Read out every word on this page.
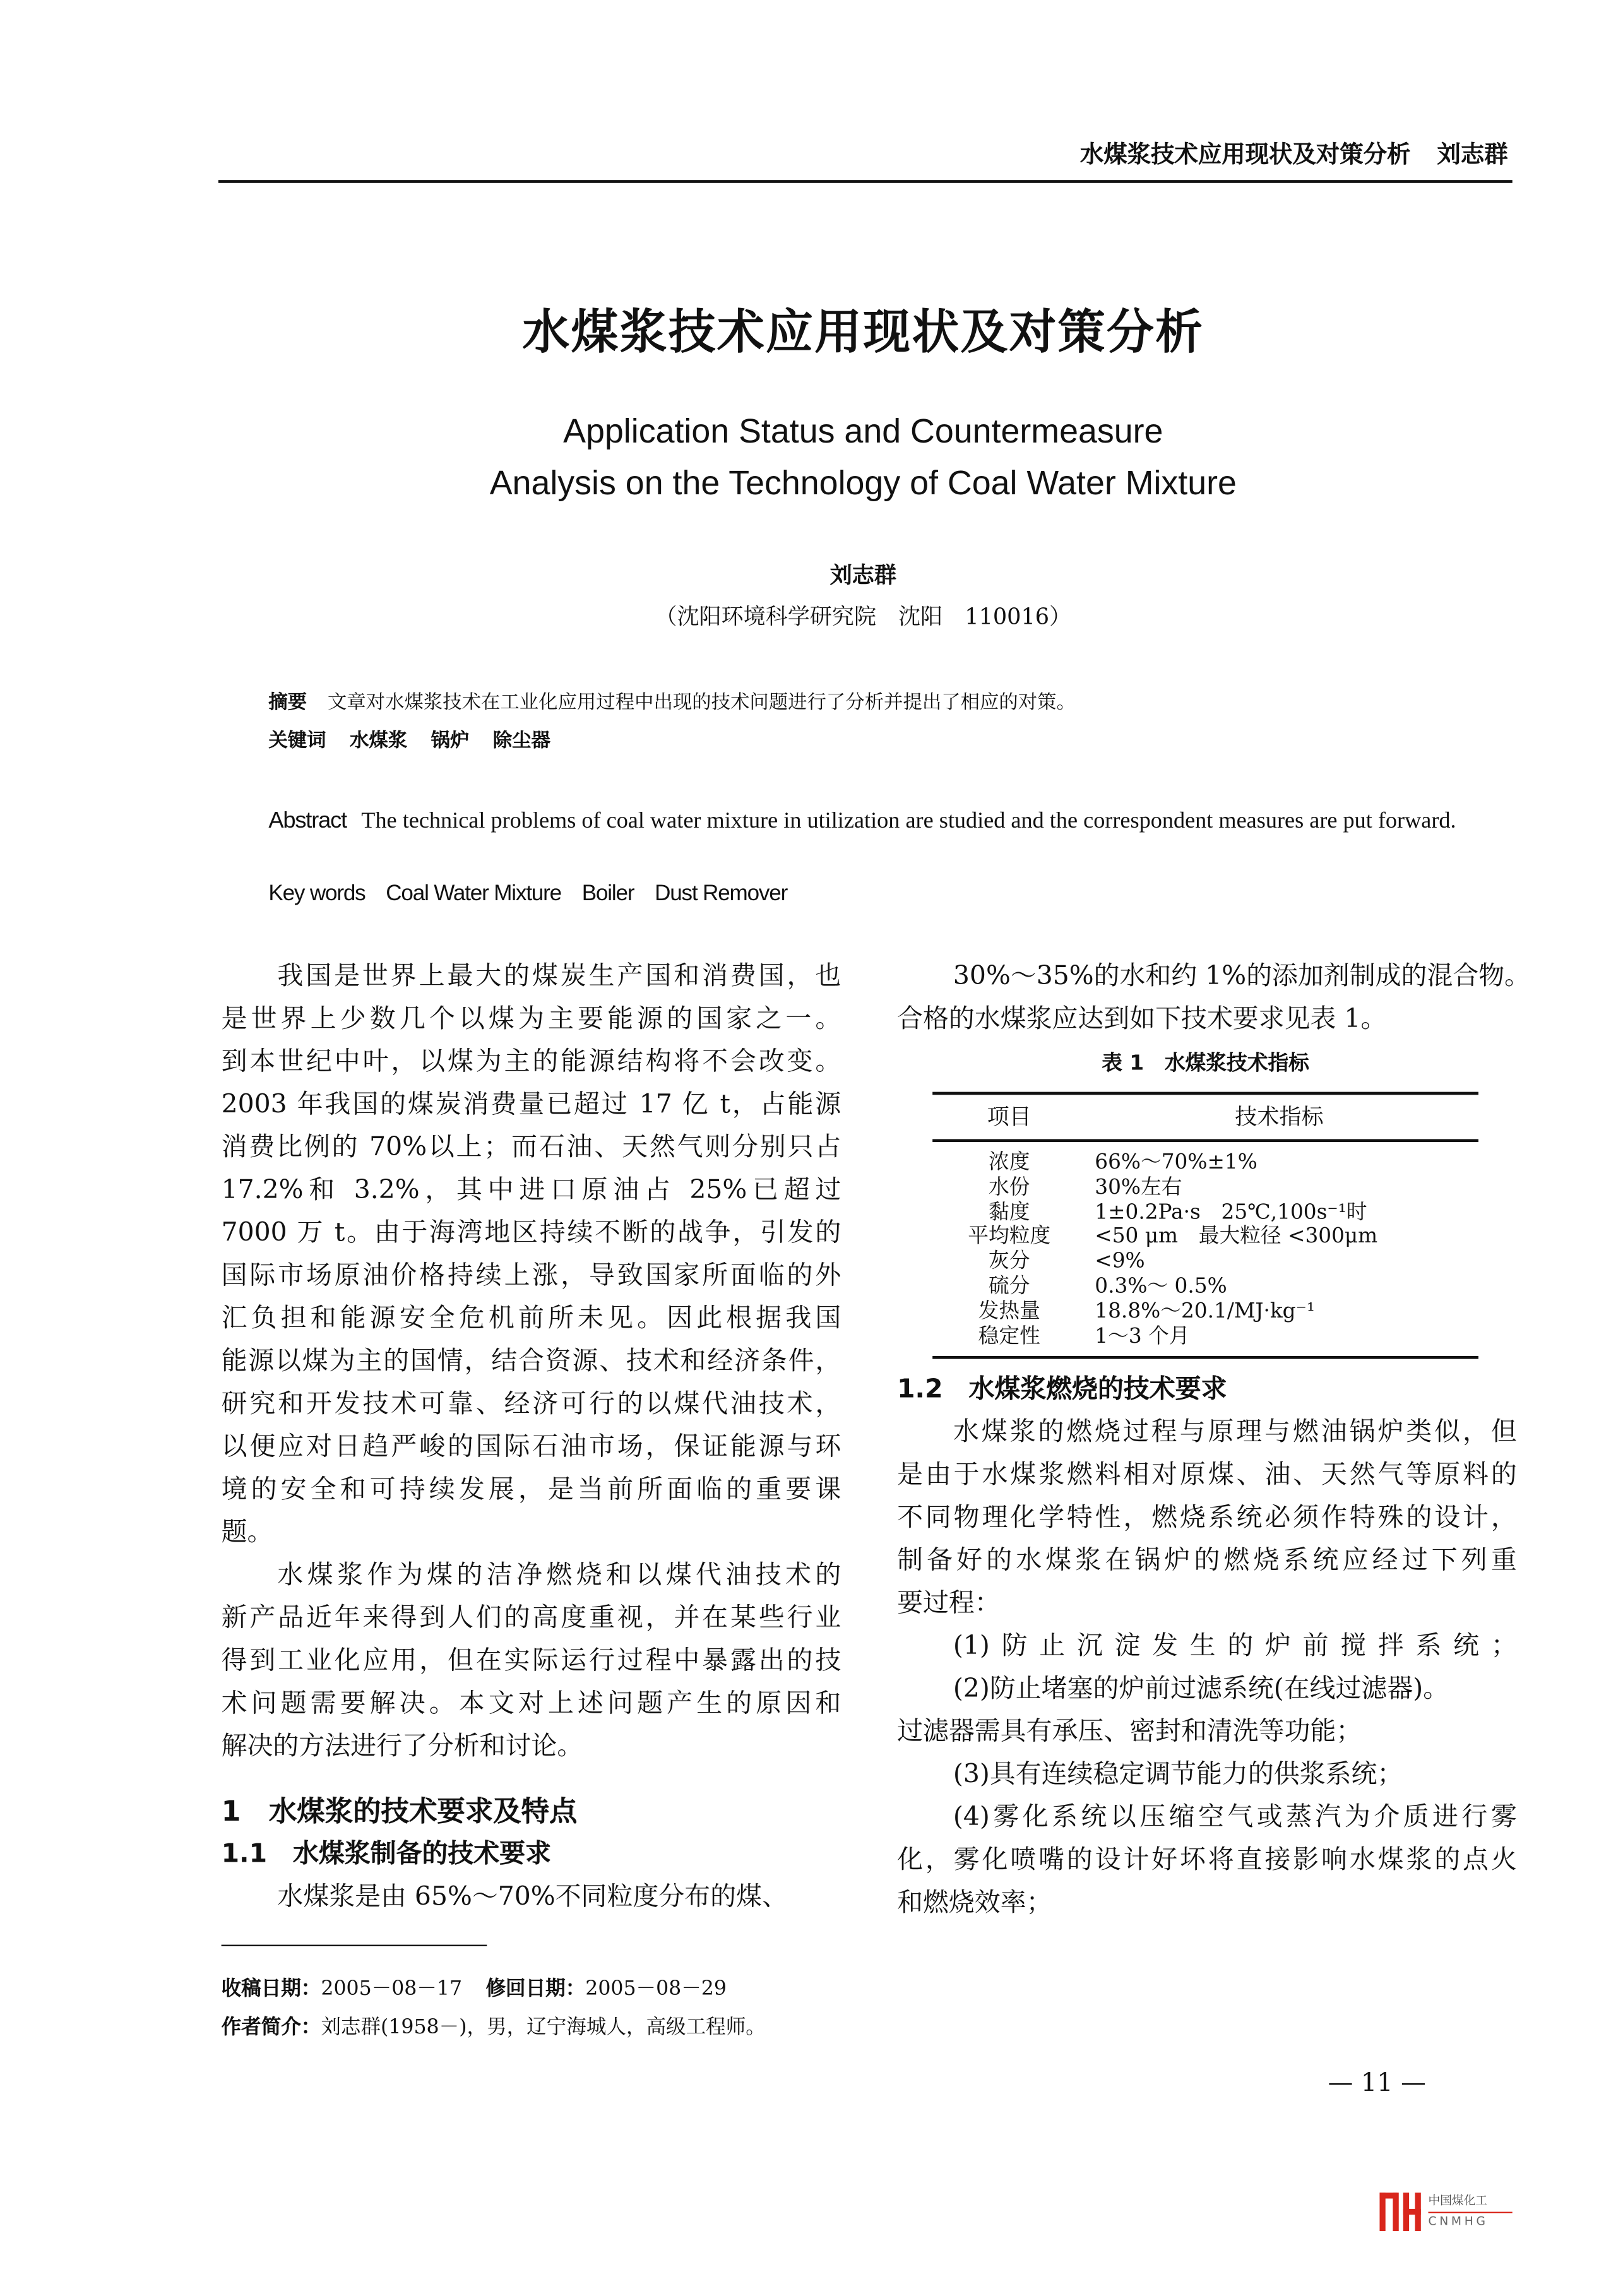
水煤浆技术应用现状及对策分析	刘志群
水煤浆技术应用现状及对策分析
Application Status and Countermeasure
Analysis on the Technology of Coal Water Mixture
刘志群
（沈阳环境科学研究院　沈阳　110016）
摘要	文章对水煤浆技术在工业化应用过程中出现的技术问题进行了分析并提出了相应的对策。
关键词	水煤浆	锅炉	除尘器
Abstract The technical problems of coal water mixture in utilization are studied and the correspondent measures are put forward.
Key words Coal Water Mixture Boiler Dust Remover
我国是世界上最大的煤炭生产国和消费国，也
是世界上少数几个以煤为主要能源的国家之一。
到本世纪中叶，以煤为主的能源结构将不会改变。
2003 年我国的煤炭消费量已超过 17 亿 t，占能源
消费比例的 70%以上；而石油、天然气则分别只占
17.2%和 3.2%，其中进口原油占 25%已超过
7000 万 t。由于海湾地区持续不断的战争，引发的
国际市场原油价格持续上涨，导致国家所面临的外
汇负担和能源安全危机前所未见。因此根据我国
能源以煤为主的国情，结合资源、技术和经济条件，
研究和开发技术可靠、经济可行的以煤代油技术，
以便应对日趋严峻的国际石油市场，保证能源与环
境的安全和可持续发展，是当前所面临的重要课
题。
水煤浆作为煤的洁净燃烧和以煤代油技术的
新产品近年来得到人们的高度重视，并在某些行业
得到工业化应用，但在实际运行过程中暴露出的技
术问题需要解决。本文对上述问题产生的原因和
解决的方法进行了分析和讨论。
1　水煤浆的技术要求及特点
1.1　水煤浆制备的技术要求
水煤浆是由 65%～70%不同粒度分布的煤、
30%～35%的水和约 1%的添加剂制成的混合物。
合格的水煤浆应达到如下技术要求见表 1。
1.2　水煤浆燃烧的技术要求
水煤浆的燃烧过程与原理与燃油锅炉类似，但
是由于水煤浆燃料相对原煤、油、天然气等原料的
不同物理化学特性，燃烧系统必须作特殊的设计，
制备好的水煤浆在锅炉的燃烧系统应经过下列重
要过程：
(1)防止沉淀发生的炉前搅拌系统；
(2)防止堵塞的炉前过滤系统(在线过滤器)。
过滤器需具有承压、密封和清洗等功能；
(3)具有连续稳定调节能力的供浆系统；
(4)雾化系统以压缩空气或蒸汽为介质进行雾
化，雾化喷嘴的设计好坏将直接影响水煤浆的点火
和燃烧效率；
表 1　水煤浆技术指标
项目	技术指标
浓度	66%～70%±1%
水份	30%左右
黏度	1±0.2Pa·s　25℃,100s⁻¹时
平均粒度	<50 μm　最大粒径 <300μm
灰分	<9%
硫分	0.3%～ 0.5%
发热量	18.8%～20.1/MJ·kg⁻¹
稳定性	1～3 个月
收稿日期：2005－08－17	修回日期：2005－08－29
作者简介：刘志群(1958－)，男，辽宁海城人，高级工程师。
— 11 —
中国煤化工
CNMHG
